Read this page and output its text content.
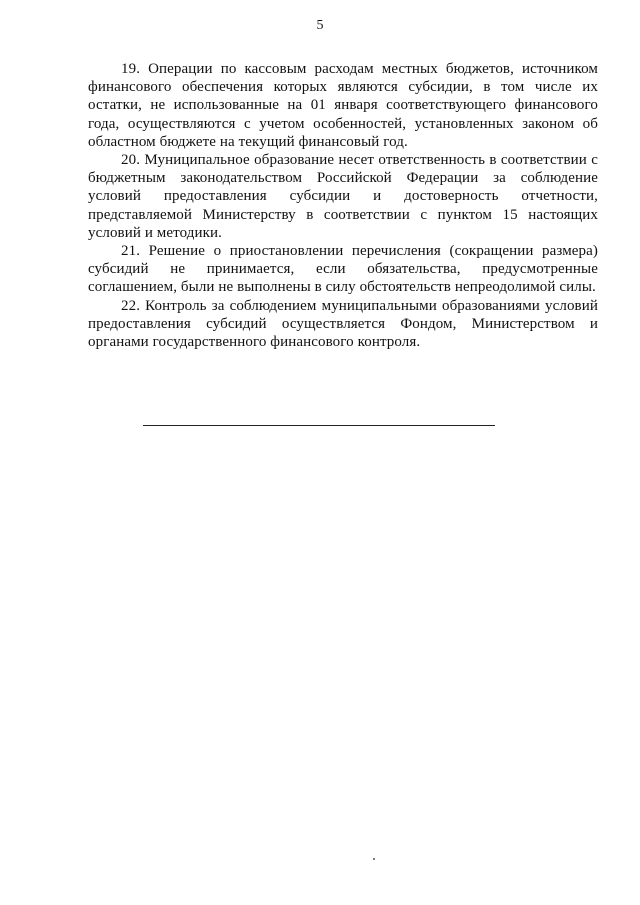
5

19. Операции по кассовым расходам местных бюджетов, источником финансового обеспечения которых являются субсидии, в том числе их остатки, не использованные на 01 января соответствующего финансового года, осуществляются с учетом особенностей, установленных законом об областном бюджете на текущий финансовый год.

20. Муниципальное образование несет ответственность в соответствии с бюджетным законодательством Российской Федерации за соблюдение условий предоставления субсидии и достоверность отчетности, представляемой Министерству в соответствии с пунктом 15 настоящих условий и методики.

21. Решение о приостановлении перечисления (сокращении размера) субсидий не принимается, если обязательства, предусмотренные соглашением, были не выполнены в силу обстоятельств непреодолимой силы.

22. Контроль за соблюдением муниципальными образованиями условий предоставления субсидий осуществляется Фондом, Министерством и органами государственного финансового контроля.
